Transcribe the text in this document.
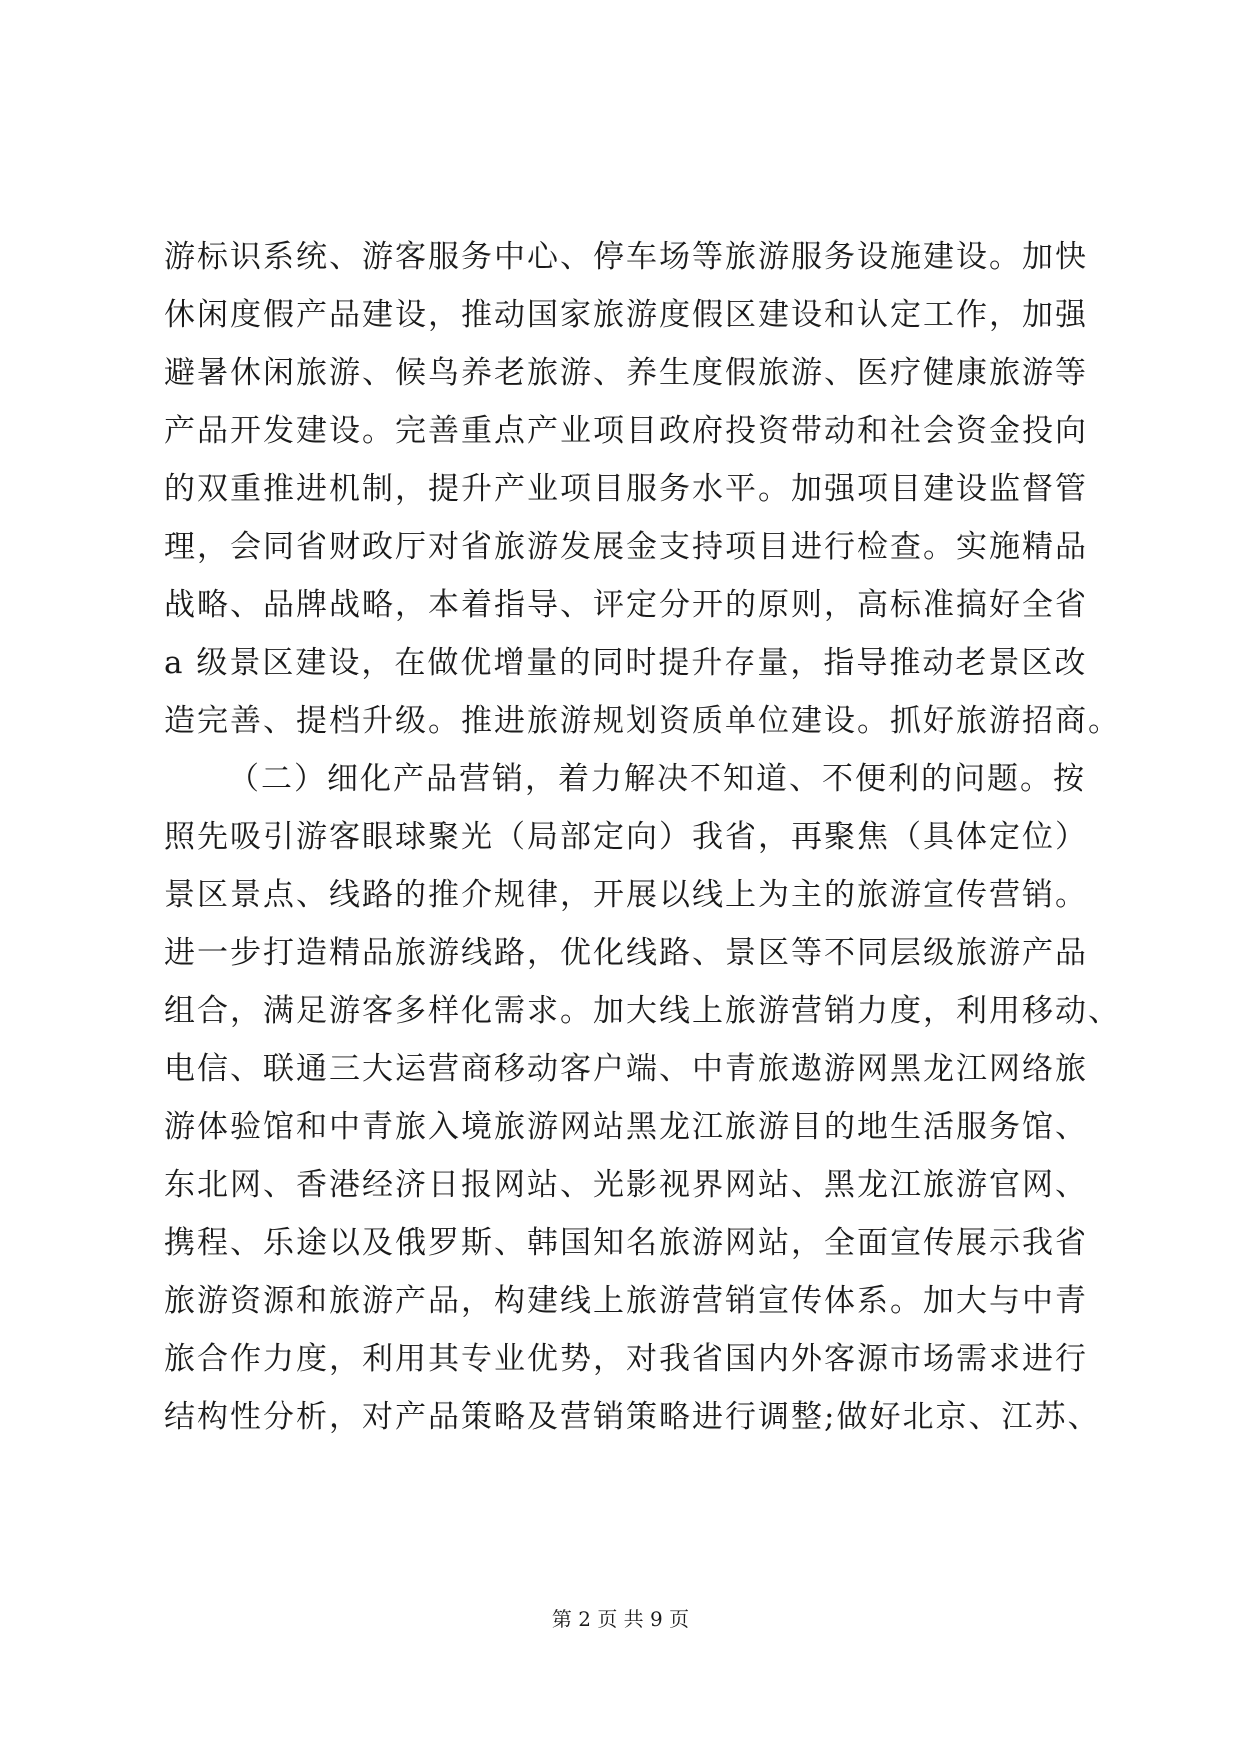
游标识系统、游客服务中心、停车场等旅游服务设施建设。加快
休闲度假产品建设，推动国家旅游度假区建设和认定工作，加强
避暑休闲旅游、候鸟养老旅游、养生度假旅游、医疗健康旅游等
产品开发建设。完善重点产业项目政府投资带动和社会资金投向
的双重推进机制，提升产业项目服务水平。加强项目建设监督管
理，会同省财政厅对省旅游发展金支持项目进行检查。实施精品
战略、品牌战略，本着指导、评定分开的原则，高标准搞好全省
a 级景区建设，在做优增量的同时提升存量，指导推动老景区改
造完善、提档升级。推进旅游规划资质单位建设。抓好旅游招商。
（二）细化产品营销，着力解决不知道、不便利的问题。按
照先吸引游客眼球聚光（局部定向）我省，再聚焦（具体定位）
景区景点、线路的推介规律，开展以线上为主的旅游宣传营销。
进一步打造精品旅游线路，优化线路、景区等不同层级旅游产品
组合，满足游客多样化需求。加大线上旅游营销力度，利用移动、
电信、联通三大运营商移动客户端、中青旅遨游网黑龙江网络旅
游体验馆和中青旅入境旅游网站黑龙江旅游目的地生活服务馆、
东北网、香港经济日报网站、光影视界网站、黑龙江旅游官网、
携程、乐途以及俄罗斯、韩国知名旅游网站，全面宣传展示我省
旅游资源和旅游产品，构建线上旅游营销宣传体系。加大与中青
旅合作力度，利用其专业优势，对我省国内外客源市场需求进行
结构性分析，对产品策略及营销策略进行调整;做好北京、江苏、
第 2 页 共 9 页
